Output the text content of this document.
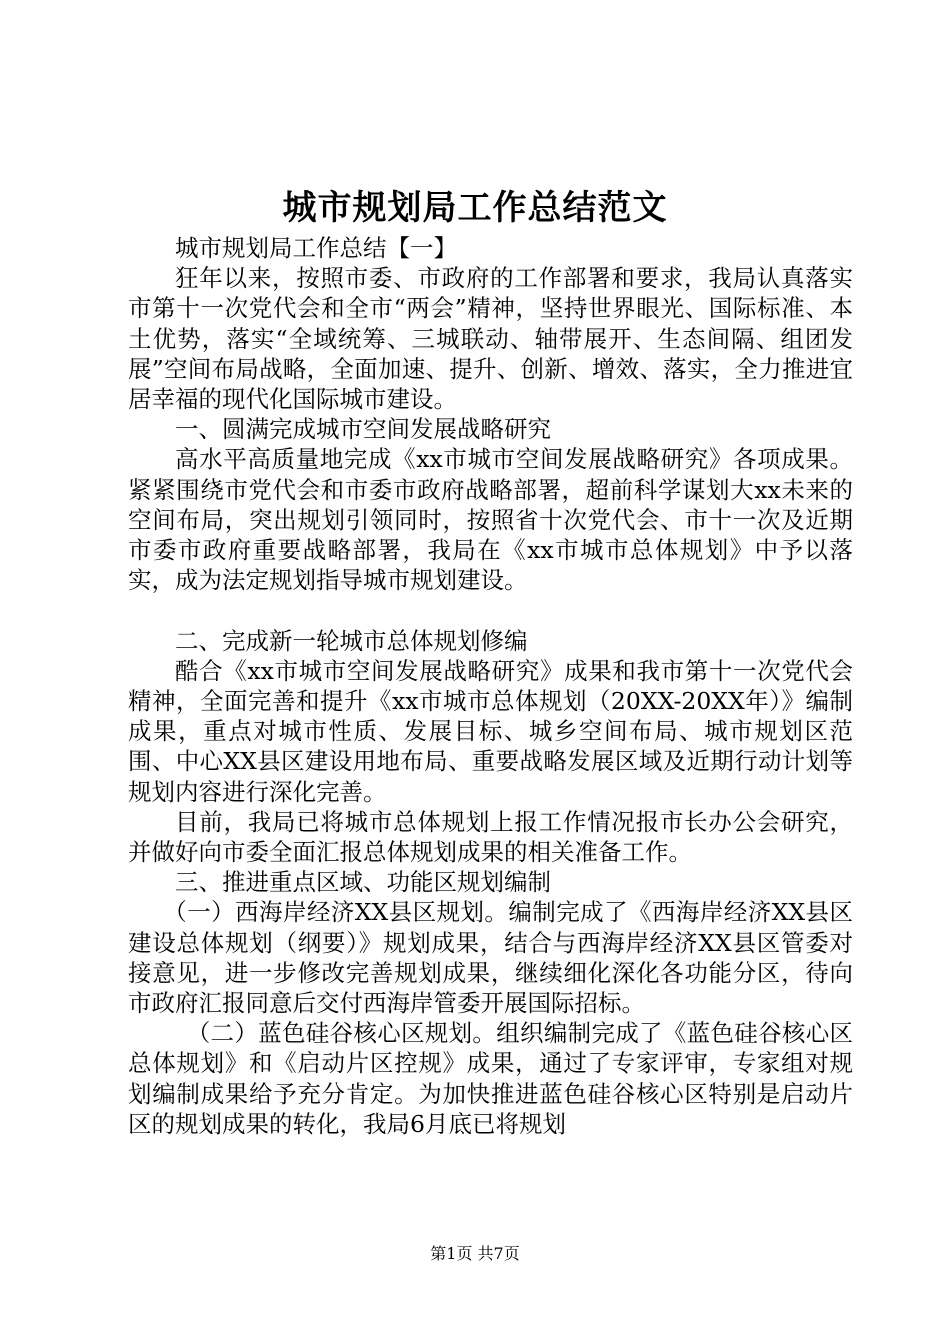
城市规划局工作总结范文

城市规划局工作总结【一】

狂年以来，按照市委、市政府的工作部署和要求，我局认真落实市第十一次党代会和全市“两会”精神，坚持世界眼光、国际标准、本土优势，落实“全域统筹、三城联动、轴带展开、生态间隔、组团发展”空间布局战略，全面加速、提升、创新、增效、落实，全力推进宜居幸福的现代化国际城市建设。

一、圆满完成城市空间发展战略研究

高水平高质量地完成《xx市城市空间发展战略研究》各项成果。紧紧围绕市党代会和市委市政府战略部署，超前科学谋划大xx未来的空间布局，突出规划引领同时，按照省十次党代会、市十一次及近期市委市政府重要战略部署，我局在《xx市城市总体规划》中予以落实，成为法定规划指导城市规划建设。

二、完成新一轮城市总体规划修编

酷合《xx市城市空间发展战略研究》成果和我市第十一次党代会精神，全面完善和提升《xx市城市总体规划（20XX-20XX年）》编制成果，重点对城市性质、发展目标、城乡空间布局、城市规划区范围、中心XX县区建设用地布局、重要战略发展区域及近期行动计划等规划内容进行深化完善。

目前，我局已将城市总体规划上报工作情况报市长办公会研究，并做好向市委全面汇报总体规划成果的相关准备工作。

三、推进重点区域、功能区规划编制

（一）西海岸经济XX县区规划。编制完成了《西海岸经济XX县区建设总体规划（纲要）》规划成果，结合与西海岸经济XX县区管委对接意见，进一步修改完善规划成果，继续细化深化各功能分区，待向市政府汇报同意后交付西海岸管委开展国际招标。

（二）蓝色硅谷核心区规划。组织编制完成了《蓝色硅谷核心区总体规划》和《启动片区控规》成果，通过了专家评审，专家组对规划编制成果给予充分肯定。为加快推进蓝色硅谷核心区特别是启动片区的规划成果的转化，我局6月底已将规划

第1页 共7页
